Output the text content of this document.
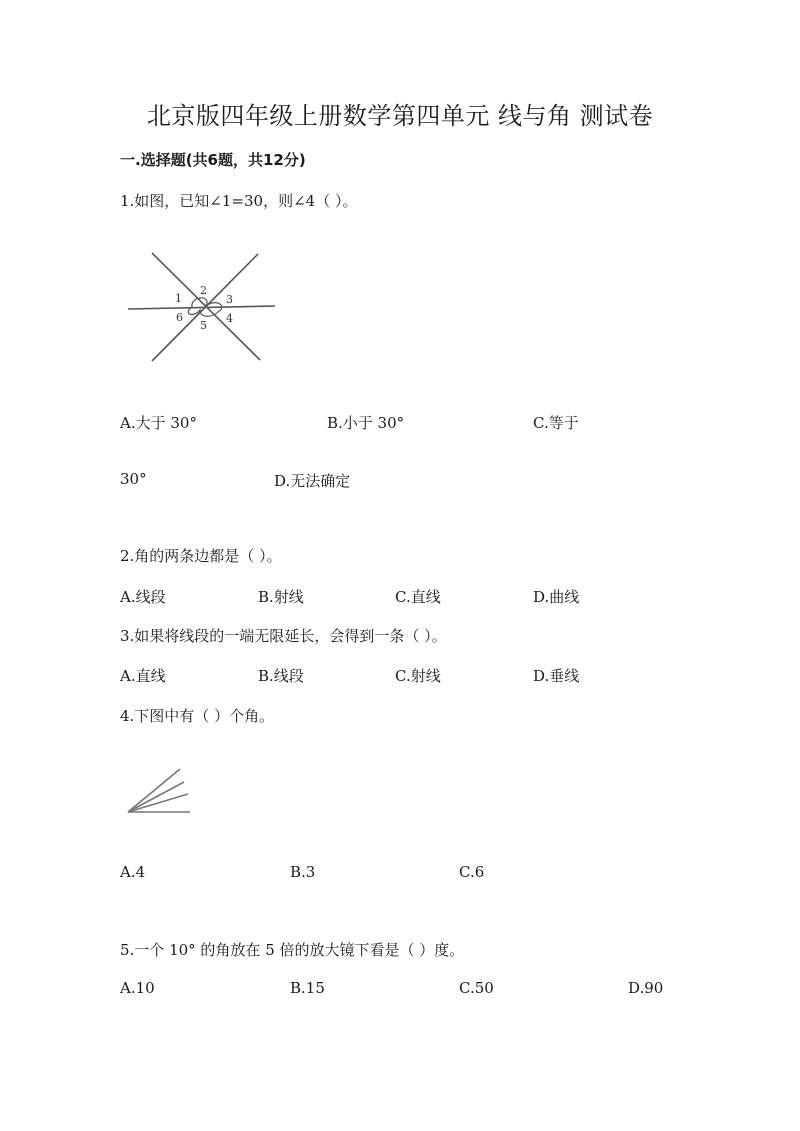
北京版四年级上册数学第四单元 线与角 测试卷
一.选择题(共6题，共12分)
1.如图，已知∠1=30，则∠4（ ）。
1
2
3
4
5
6
A.大于 30°	B.小于 30°	C.等于
30°	D.无法确定
2.角的两条边都是（ ）。
A.线段	B.射线	C.直线	D.曲线
3.如果将线段的一端无限延长，会得到一条（ ）。
A.直线	B.线段	C.射线	D.垂线
4.下图中有（ ）个角。
A.4	B.3	C.6
5.一个 10° 的角放在 5 倍的放大镜下看是（ ）度。
A.10	B.15	C.50	D.90
